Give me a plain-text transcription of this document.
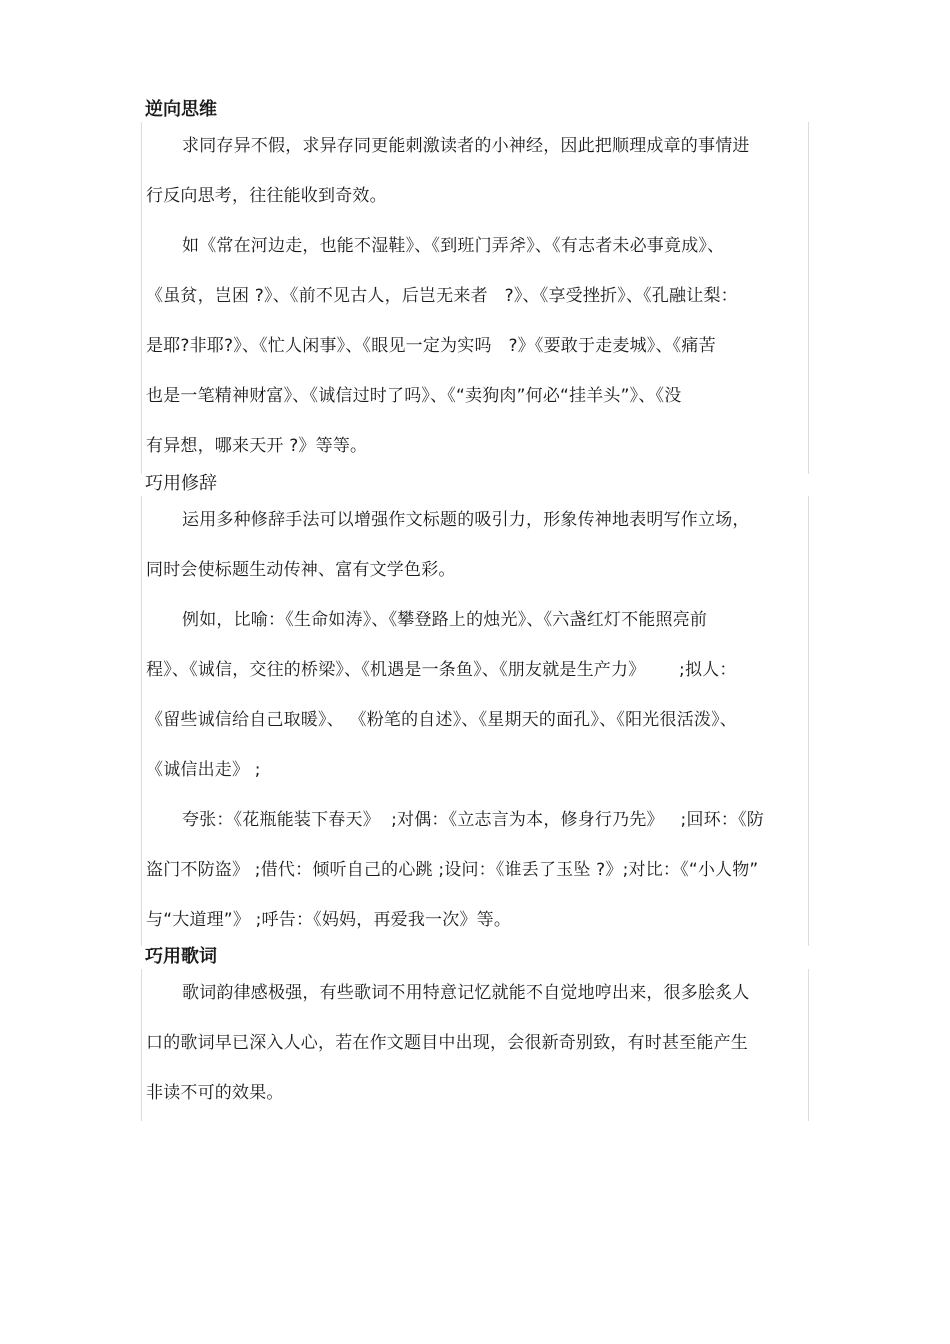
逆向思维
求同存异不假，求异存同更能刺激读者的小神经，因此把顺理成章的事情进
行反向思考，往往能收到奇效。
如《常在河边走，也能不湿鞋》、《到班门弄斧》、《有志者未必事竟成》、
《虽贫，岂困 ?》、《前不见古人，后岂无来者   ?》、《享受挫折》、《孔融让梨：
是耶?非耶?》、《忙人闲事》、《眼见一定为实吗   ?》《要敢于走麦城》、《痛苦
也是一笔精神财富》、《诚信过时了吗》、《“卖狗肉”何必“挂羊头”》、《没
有异想，哪来天开 ?》等等。
巧用修辞
运用多种修辞手法可以增强作文标题的吸引力，形象传神地表明写作立场，
同时会使标题生动传神、富有文学色彩。
例如，比喻：《生命如涛》、《攀登路上的烛光》、《六盏红灯不能照亮前
程》、《诚信，交往的桥梁》、《机遇是一条鱼》、《朋友就是生产力》      ;拟人：
《留些诚信给自己取暖》、 《粉笔的自述》、《星期天的面孔》、《阳光很活泼》、
《诚信出走》 ;
夸张：《花瓶能装下春天》  ;对偶：《立志言为本，修身行乃先》   ;回环：《防
盗门不防盗》 ;借代：倾听自己的心跳 ;设问：《谁丢了玉坠 ?》;对比：《“小人物”
与“大道理”》 ;呼告：《妈妈，再爱我一次》等。
巧用歌词
歌词韵律感极强，有些歌词不用特意记忆就能不自觉地哼出来，很多脍炙人
口的歌词早已深入人心，若在作文题目中出现，会很新奇别致，有时甚至能产生
非读不可的效果。
